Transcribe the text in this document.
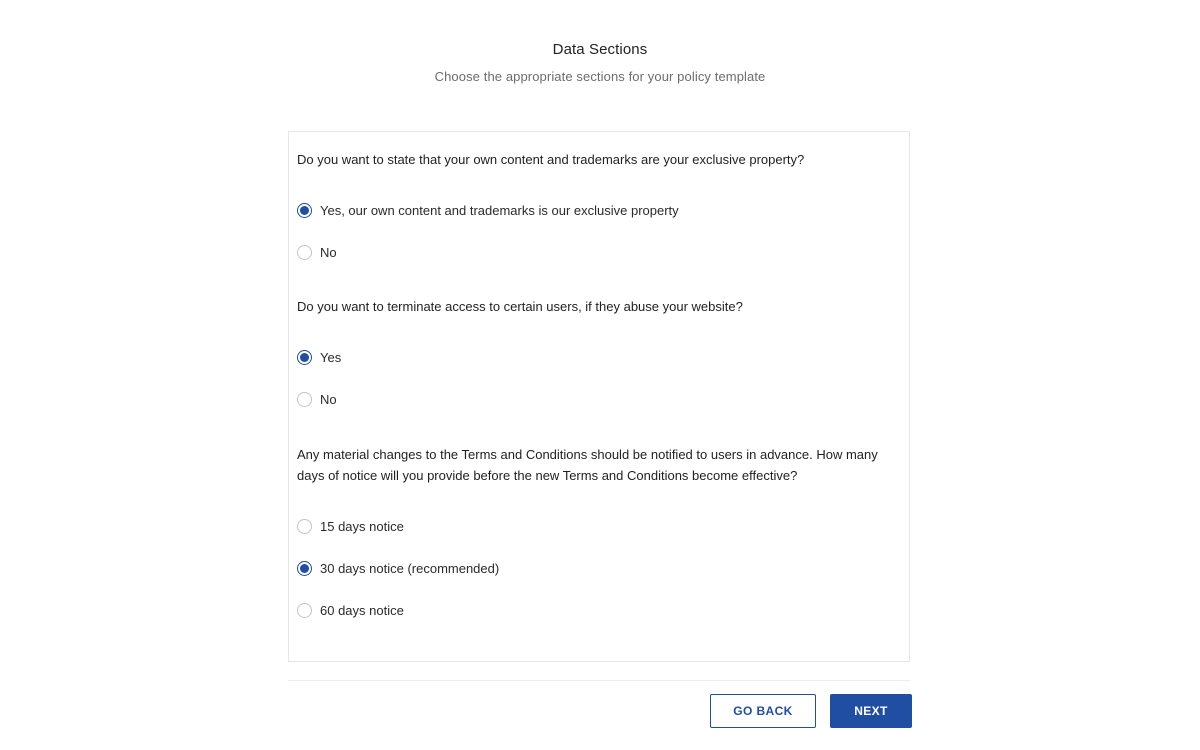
Data Sections
Choose the appropriate sections for your policy template

Do you want to state that your own content and trademarks are your exclusive property?

Yes, our own content and trademarks is our exclusive property
No

Do you want to terminate access to certain users, if they abuse your website?

Yes
No

Any material changes to the Terms and Conditions should be notified to users in advance. How many days of notice will you provide before the new Terms and Conditions become effective?

15 days notice
30 days notice (recommended)
60 days notice
GO BACK	NEXT
